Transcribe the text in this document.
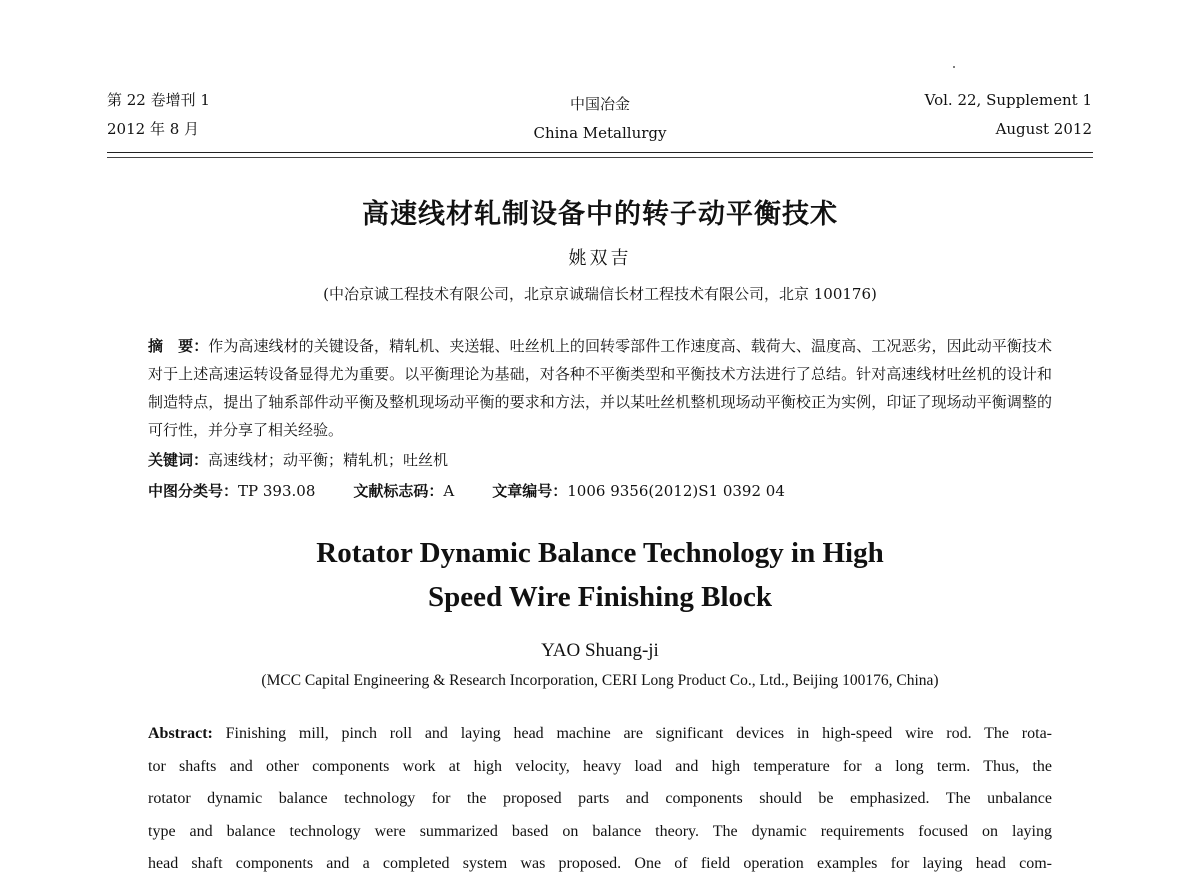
第 22 卷增刊 1
2012 年 8 月
中国冶金
China Metallurgy
Vol. 22, Supplement 1
August 2012
高速线材轧制设备中的转子动平衡技术
姚双吉
(中冶京诚工程技术有限公司，北京京诚瑞信长材工程技术有限公司，北京 100176)
摘　要：作为高速线材的关键设备，精轧机、夹送辊、吐丝机上的回转零部件工作速度高、载荷大、温度高、工况恶劣，因此动平衡技术对于上述高速运转设备显得尤为重要。以平衡理论为基础，对各种不平衡类型和平衡技术方法进行了总结。针对高速线材吐丝机的设计和制造特点，提出了轴系部件动平衡及整机现场动平衡的要求和方法，并以某吐丝机整机现场动平衡校正为实例，印证了现场动平衡调整的可行性，并分享了相关经验。
关键词：高速线材；动平衡；精轧机；吐丝机
中图分类号：TP 393.08	文献标志码：A	文章编号：1006 9356(2012)S1 0392 04
Rotator Dynamic Balance Technology in High
Speed Wire Finishing Block
YAO Shuang-ji
(MCC Capital Engineering & Research Incorporation, CERI Long Product Co., Ltd., Beijing 100176, China)
Abstract: Finishing mill, pinch roll and laying head machine are significant devices in high-speed wire rod. The rota-
tor shafts and other components work at high velocity, heavy load and high temperature for a long term. Thus, the
rotator dynamic balance technology for the proposed parts and components should be emphasized. The unbalance
type and balance technology were summarized based on balance theory. The dynamic requirements focused on laying
head shaft components and a completed system was proposed. One of field operation examples for laying head com-
